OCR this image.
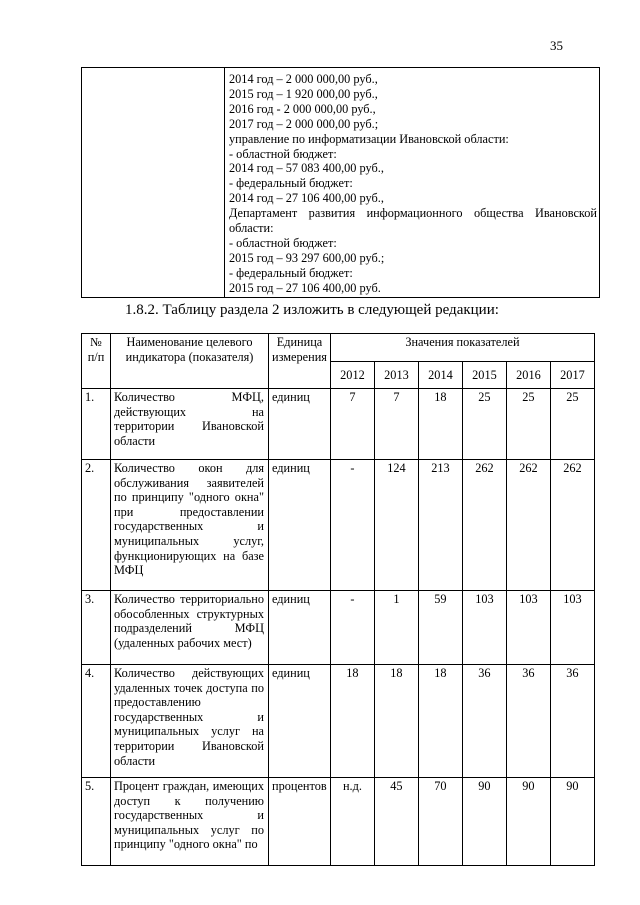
35
2014 год – 2 000 000,00 руб.,
2015 год – 1 920 000,00 руб.,
2016 год - 2 000 000,00 руб.,
2017 год – 2 000 000,00 руб.;
управление по информатизации Ивановской области:
- областной бюджет:
2014 год – 57 083 400,00 руб.,
- федеральный бюджет:
2014 год – 27 106 400,00 руб.,
Департамент развития информационного общества Ивановской области:
- областной бюджет:
2015 год – 93 297 600,00 руб.;
- федеральный бюджет:
2015 год – 27 106 400,00 руб.
1.8.2. Таблицу раздела 2 изложить в следующей редакции:
№ п/п	Наименование целевого индикатора (показателя)	Единица измерения	Значения показателей					
			2012	2013	2014	2015	2016	2017
1.	Количество МФЦ, действующих на территории Ивановской области	единиц	7	7	18	25	25	25
2.	Количество окон для обслуживания заявителей по принципу "одного окна" при предоставлении государственных и муниципальных услуг, функционирующих на базе МФЦ	единиц	-	124	213	262	262	262
3.	Количество территориально обособленных структурных подразделений МФЦ (удаленных рабочих мест)	единиц	-	1	59	103	103	103
4.	Количество действующих удаленных точек доступа по предоставлению государственных и муниципальных услуг на территории Ивановской области	единиц	18	18	18	36	36	36
5.	Процент граждан, имеющих доступ к получению государственных и муниципальных услуг по принципу "одного окна" по	процентов	н.д.	45	70	90	90	90
